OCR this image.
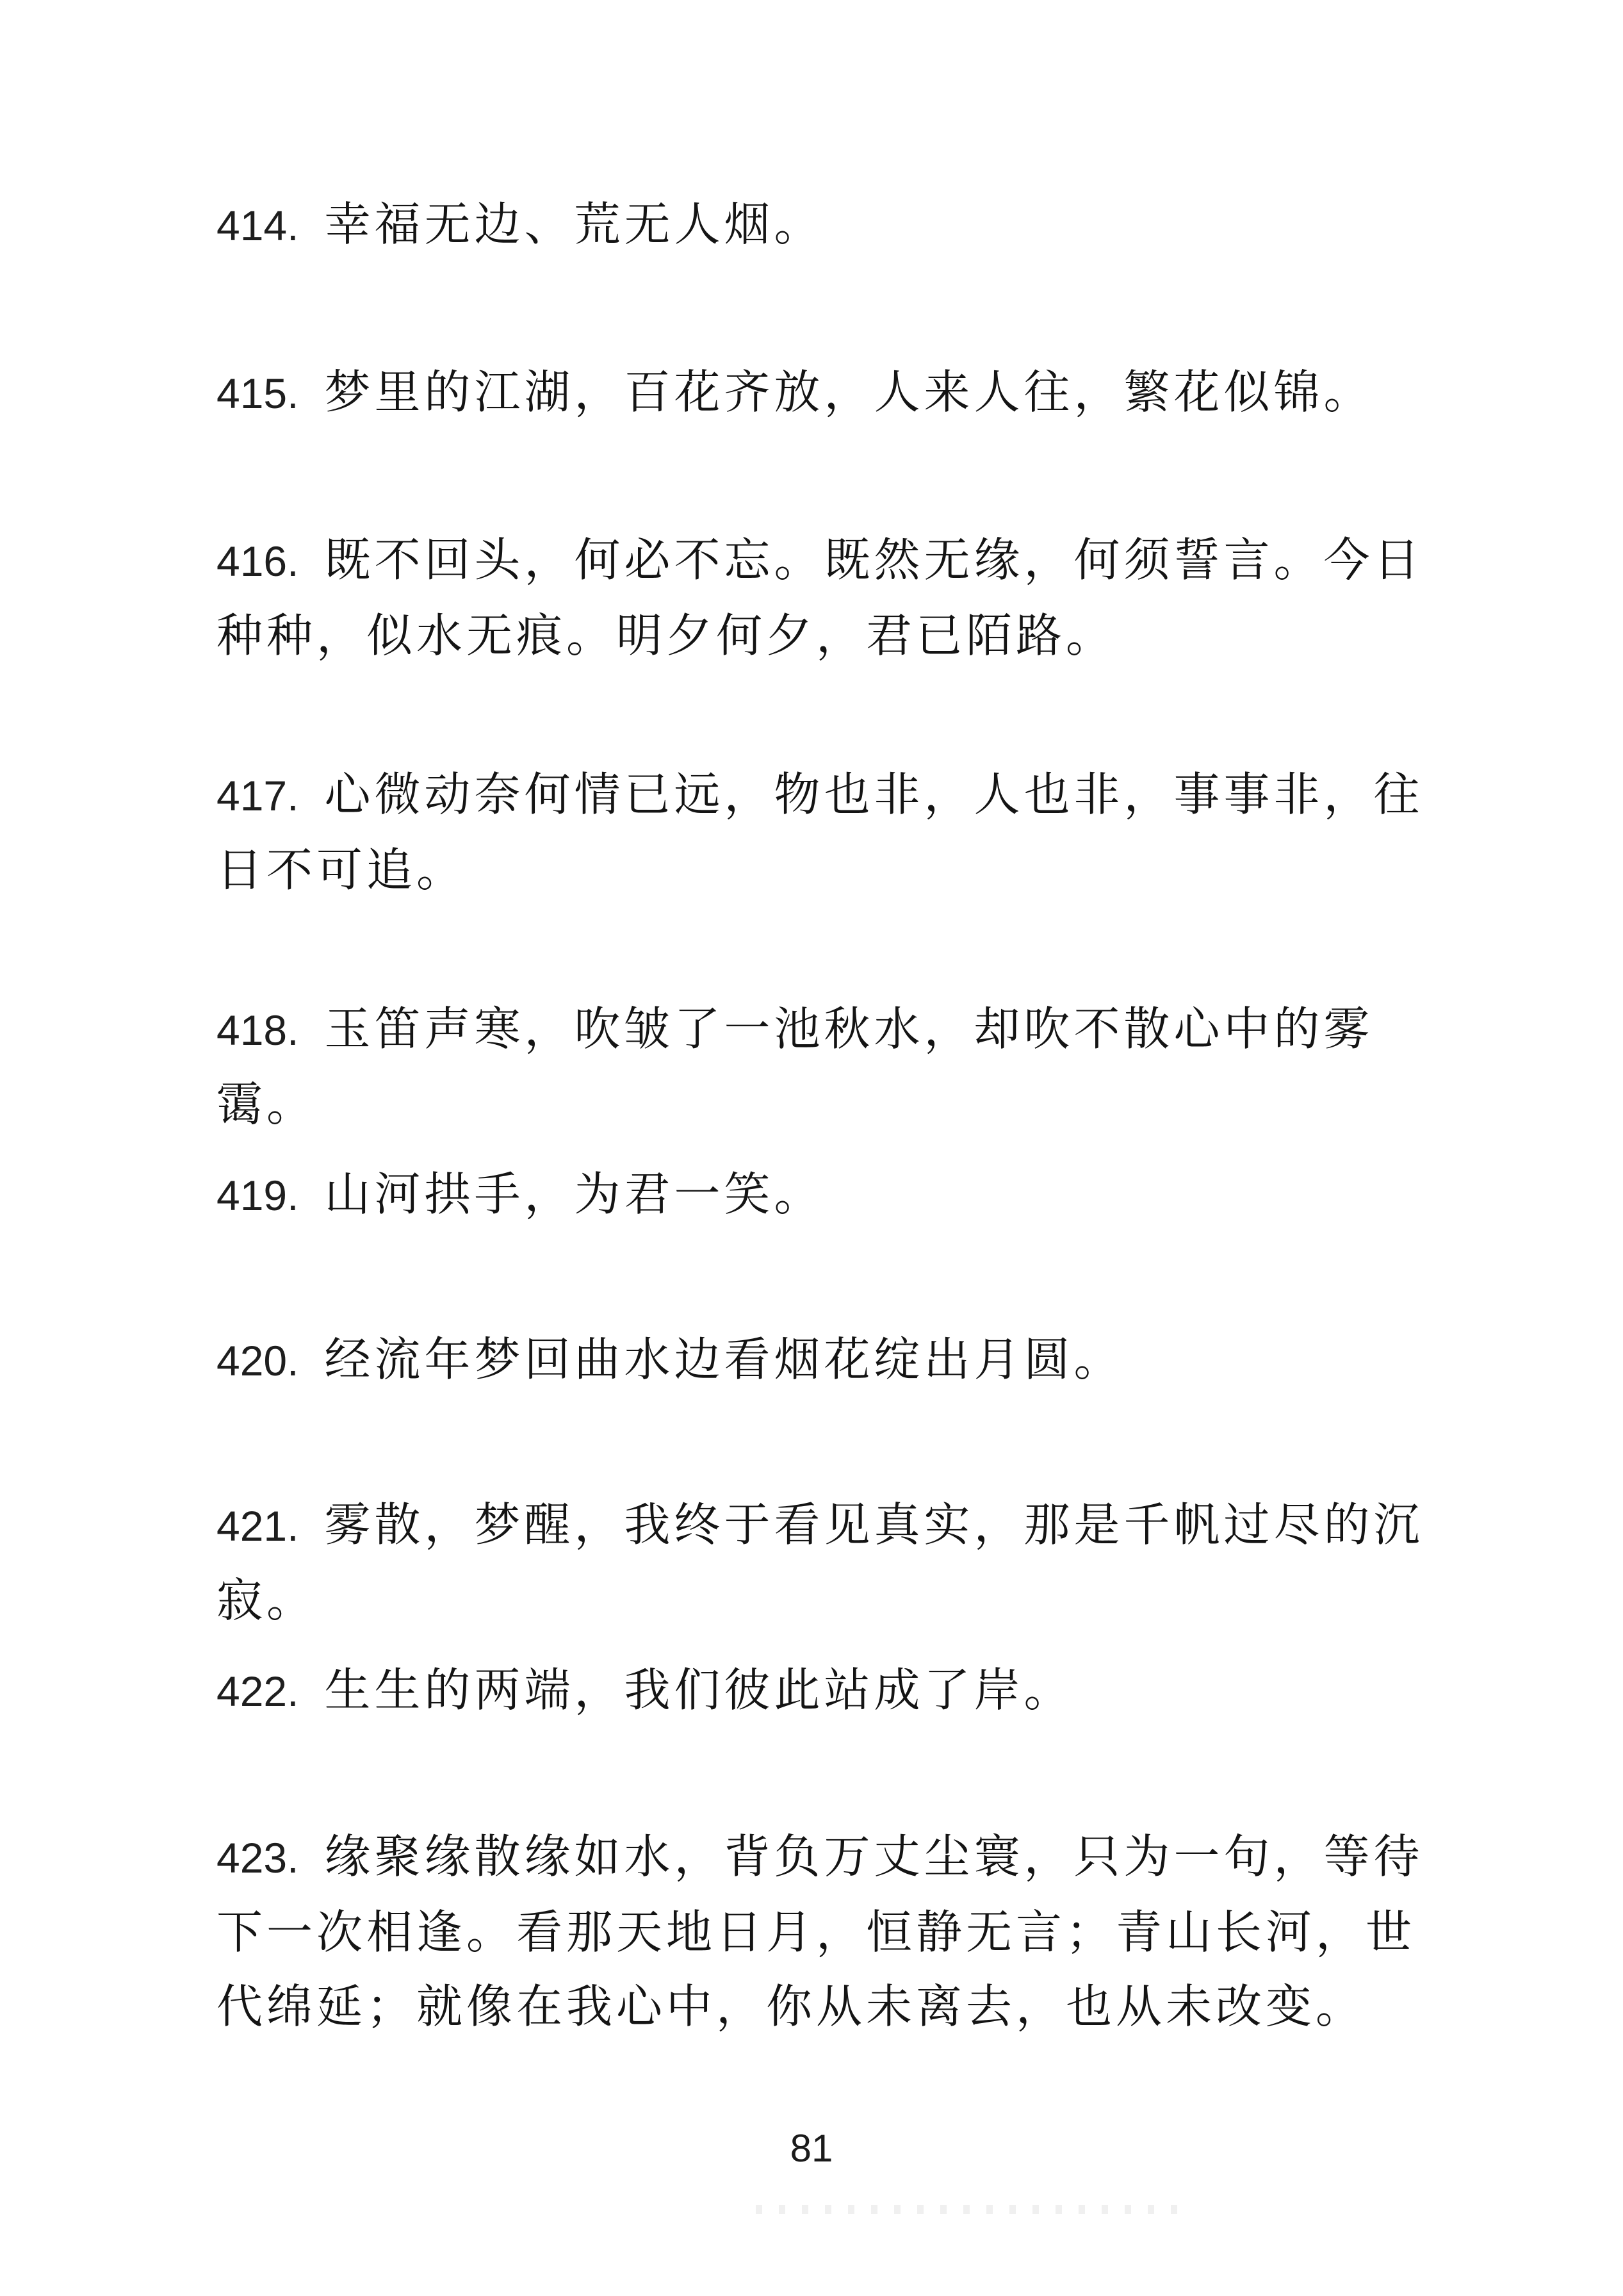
414. 幸福无边、荒无人烟。

415. 梦里的江湖，百花齐放，人来人往，繁花似锦。

416. 既不回头，何必不忘。既然无缘，何须誓言。今日种种，似水无痕。明夕何夕，君已陌路。

417. 心微动奈何情已远，物也非，人也非，事事非，往日不可追。

418. 玉笛声寒，吹皱了一池秋水，却吹不散心中的雾霭。

419. 山河拱手，为君一笑。

420. 经流年梦回曲水边看烟花绽出月圆。

421. 雾散，梦醒，我终于看见真实，那是千帆过尽的沉寂。

422. 生生的两端，我们彼此站成了岸。

423. 缘聚缘散缘如水，背负万丈尘寰，只为一句，等待下一次相逢。看那天地日月，恒静无言；青山长河，世代绵延；就像在我心中，你从未离去，也从未改变。

81
